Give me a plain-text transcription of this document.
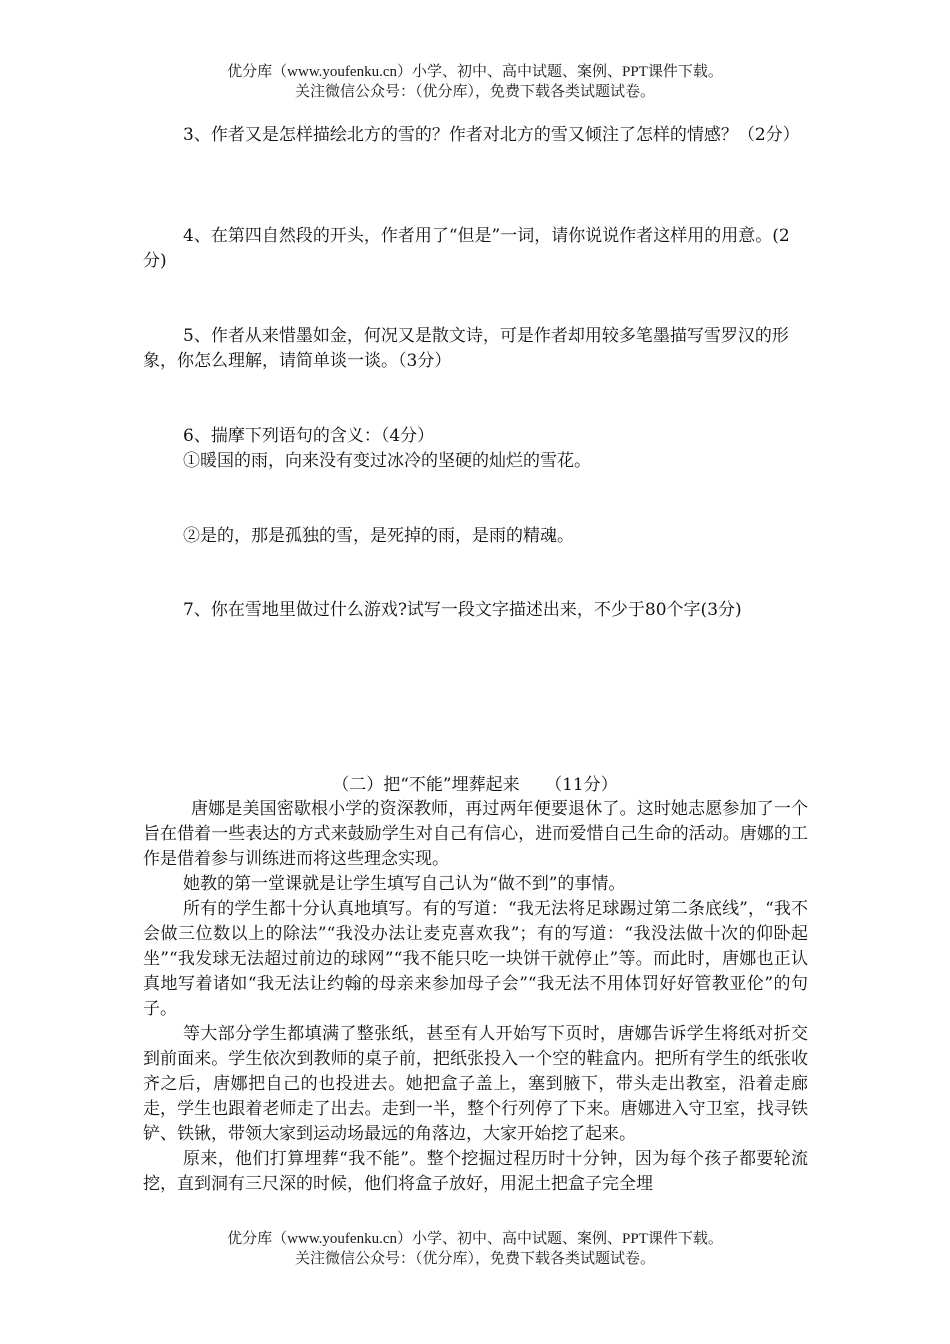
优分库（www.youfenku.cn）小学、初中、高中试题、案例、PPT课件下载。
关注微信公众号：（优分库），免费下载各类试题试卷。
3、作者又是怎样描绘北方的雪的？作者对北方的雪又倾注了怎样的情感？（2分）
4、在第四自然段的开头，作者用了“但是”一词，请你说说作者这样用的用意。(2分)
5、作者从来惜墨如金，何况又是散文诗，可是作者却用较多笔墨描写雪罗汉的形象，你怎么理解，请简单谈一谈。（3分）
6、揣摩下列语句的含义：（4分）
①暖国的雨，向来没有变过冰冷的坚硬的灿烂的雪花。
②是的，那是孤独的雪，是死掉的雨，是雨的精魂。
7、你在雪地里做过什么游戏?试写一段文字描述出来，不少于80个字(3分)
（二）把“不能”埋葬起来　　（11分）
唐娜是美国密歇根小学的资深教师，再过两年便要退休了。这时她志愿参加了一个旨在借着一些表达的方式来鼓励学生对自己有信心，进而爱惜自己生命的活动。唐娜的工作是借着参与训练进而将这些理念实现。
她教的第一堂课就是让学生填写自己认为“做不到”的事情。
所有的学生都十分认真地填写。有的写道：“我无法将足球踢过第二条底线”，“我不会做三位数以上的除法”“我没办法让麦克喜欢我”；有的写道：“我没法做十次的仰卧起坐”“我发球无法超过前边的球网”“我不能只吃一块饼干就停止”等。而此时，唐娜也正认真地写着诸如“我无法让约翰的母亲来参加母子会”“我无法不用体罚好好管教亚伦”的句子。
等大部分学生都填满了整张纸，甚至有人开始写下页时，唐娜告诉学生将纸对折交到前面来。学生依次到教师的桌子前，把纸张投入一个空的鞋盒内。把所有学生的纸张收齐之后，唐娜把自己的也投进去。她把盒子盖上，塞到腋下，带头走出教室，沿着走廊走，学生也跟着老师走了出去。走到一半，整个行列停了下来。唐娜进入守卫室，找寻铁铲、铁锹，带领大家到运动场最远的角落边，大家开始挖了起来。
原来，他们打算埋葬“我不能”。整个挖掘过程历时十分钟，因为每个孩子都要轮流挖，直到洞有三尺深的时候，他们将盒子放好，用泥土把盒子完全埋
优分库（www.youfenku.cn）小学、初中、高中试题、案例、PPT课件下载。
关注微信公众号：（优分库），免费下载各类试题试卷。
